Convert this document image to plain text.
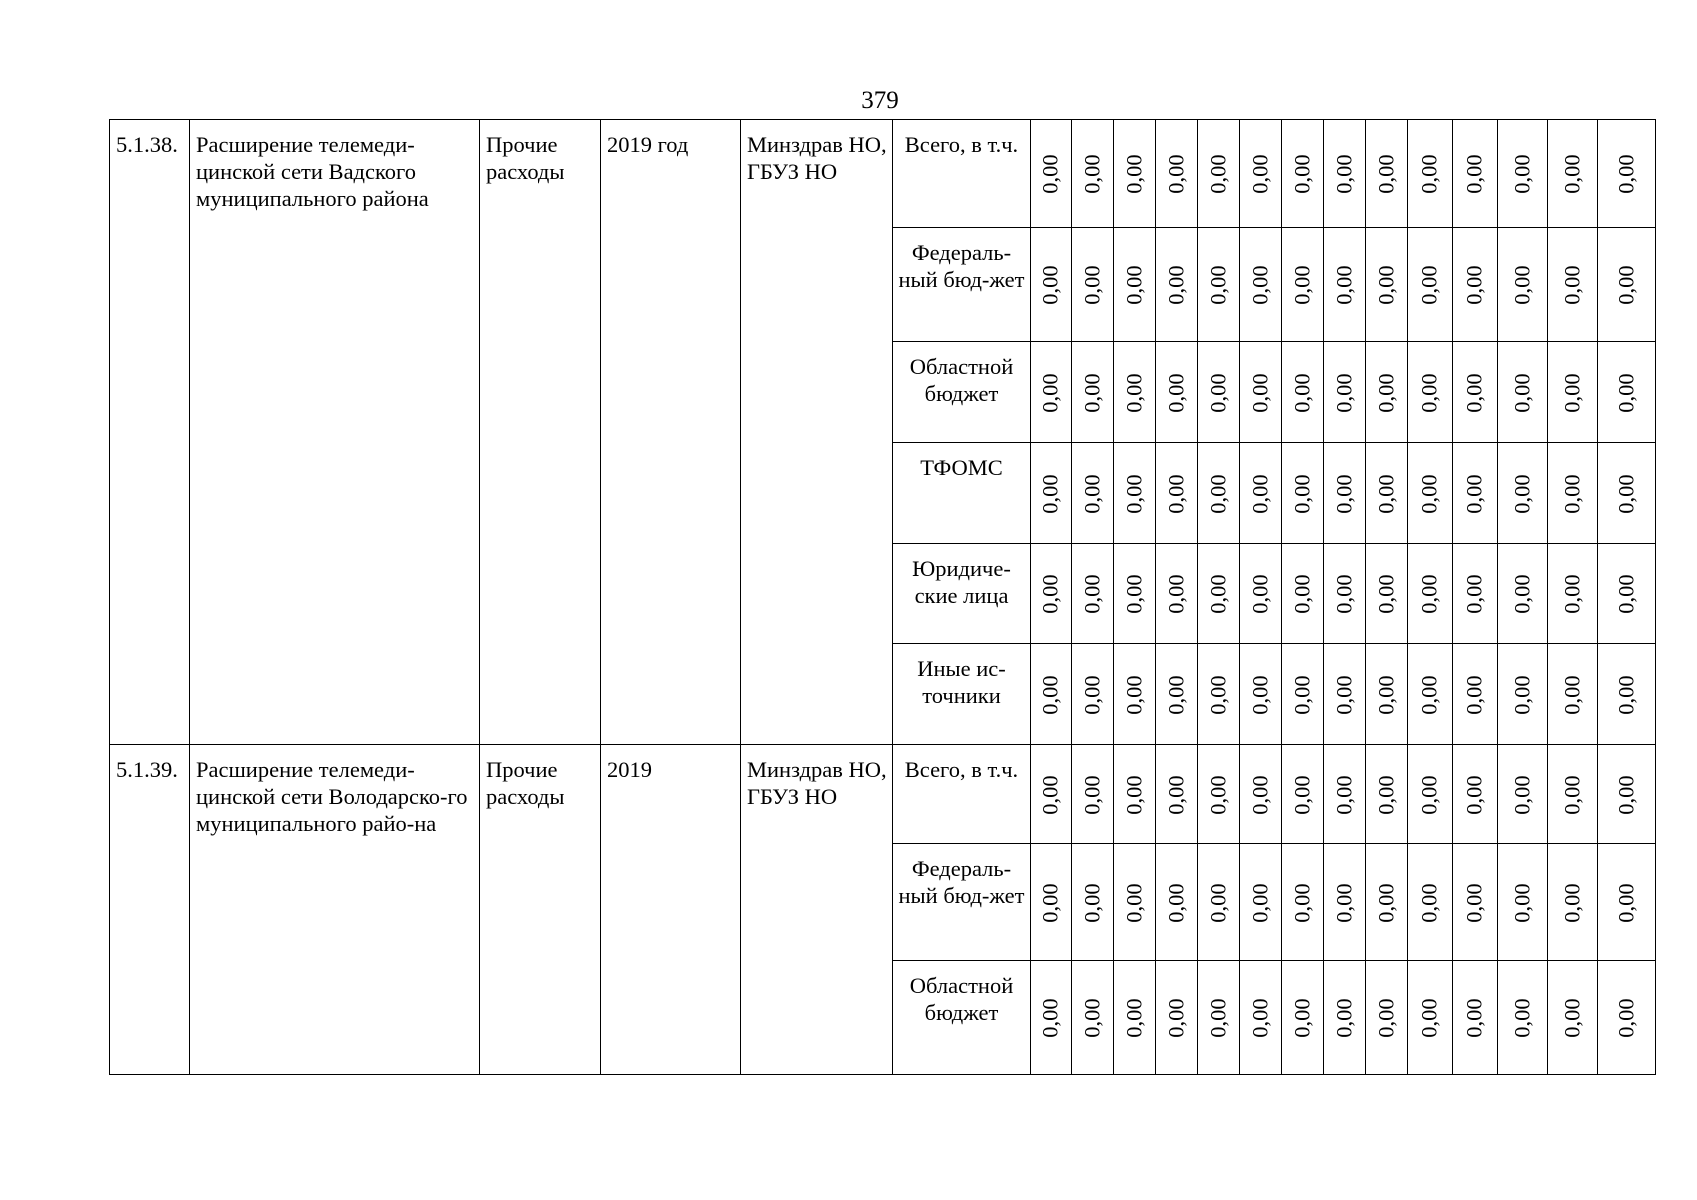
379
5.1.38.	Расширение телемеди-цинской сети Вадского муниципального района	Прочие расходы	2019 год	Минздрав НО, ГБУЗ НО	Всего, в т.ч.	0,00	0,00	0,00	0,00	0,00	0,00	0,00	0,00	0,00	0,00	0,00	0,00	0,00	0,00
					Федераль-ный бюд-жет	0,00	0,00	0,00	0,00	0,00	0,00	0,00	0,00	0,00	0,00	0,00	0,00	0,00	0,00
					Областной бюджет	0,00	0,00	0,00	0,00	0,00	0,00	0,00	0,00	0,00	0,00	0,00	0,00	0,00	0,00
					ТФОМС	0,00	0,00	0,00	0,00	0,00	0,00	0,00	0,00	0,00	0,00	0,00	0,00	0,00	0,00
					Юридиче-ские лица	0,00	0,00	0,00	0,00	0,00	0,00	0,00	0,00	0,00	0,00	0,00	0,00	0,00	0,00
					Иные ис-точники	0,00	0,00	0,00	0,00	0,00	0,00	0,00	0,00	0,00	0,00	0,00	0,00	0,00	0,00
5.1.39.	Расширение телемеди-цинской сети Володарско-го муниципального райо-на	Прочие расходы	2019	Минздрав НО, ГБУЗ НО	Всего, в т.ч.	0,00	0,00	0,00	0,00	0,00	0,00	0,00	0,00	0,00	0,00	0,00	0,00	0,00	0,00
					Федераль-ный бюд-жет	0,00	0,00	0,00	0,00	0,00	0,00	0,00	0,00	0,00	0,00	0,00	0,00	0,00	0,00
					Областной бюджет	0,00	0,00	0,00	0,00	0,00	0,00	0,00	0,00	0,00	0,00	0,00	0,00	0,00	0,00
